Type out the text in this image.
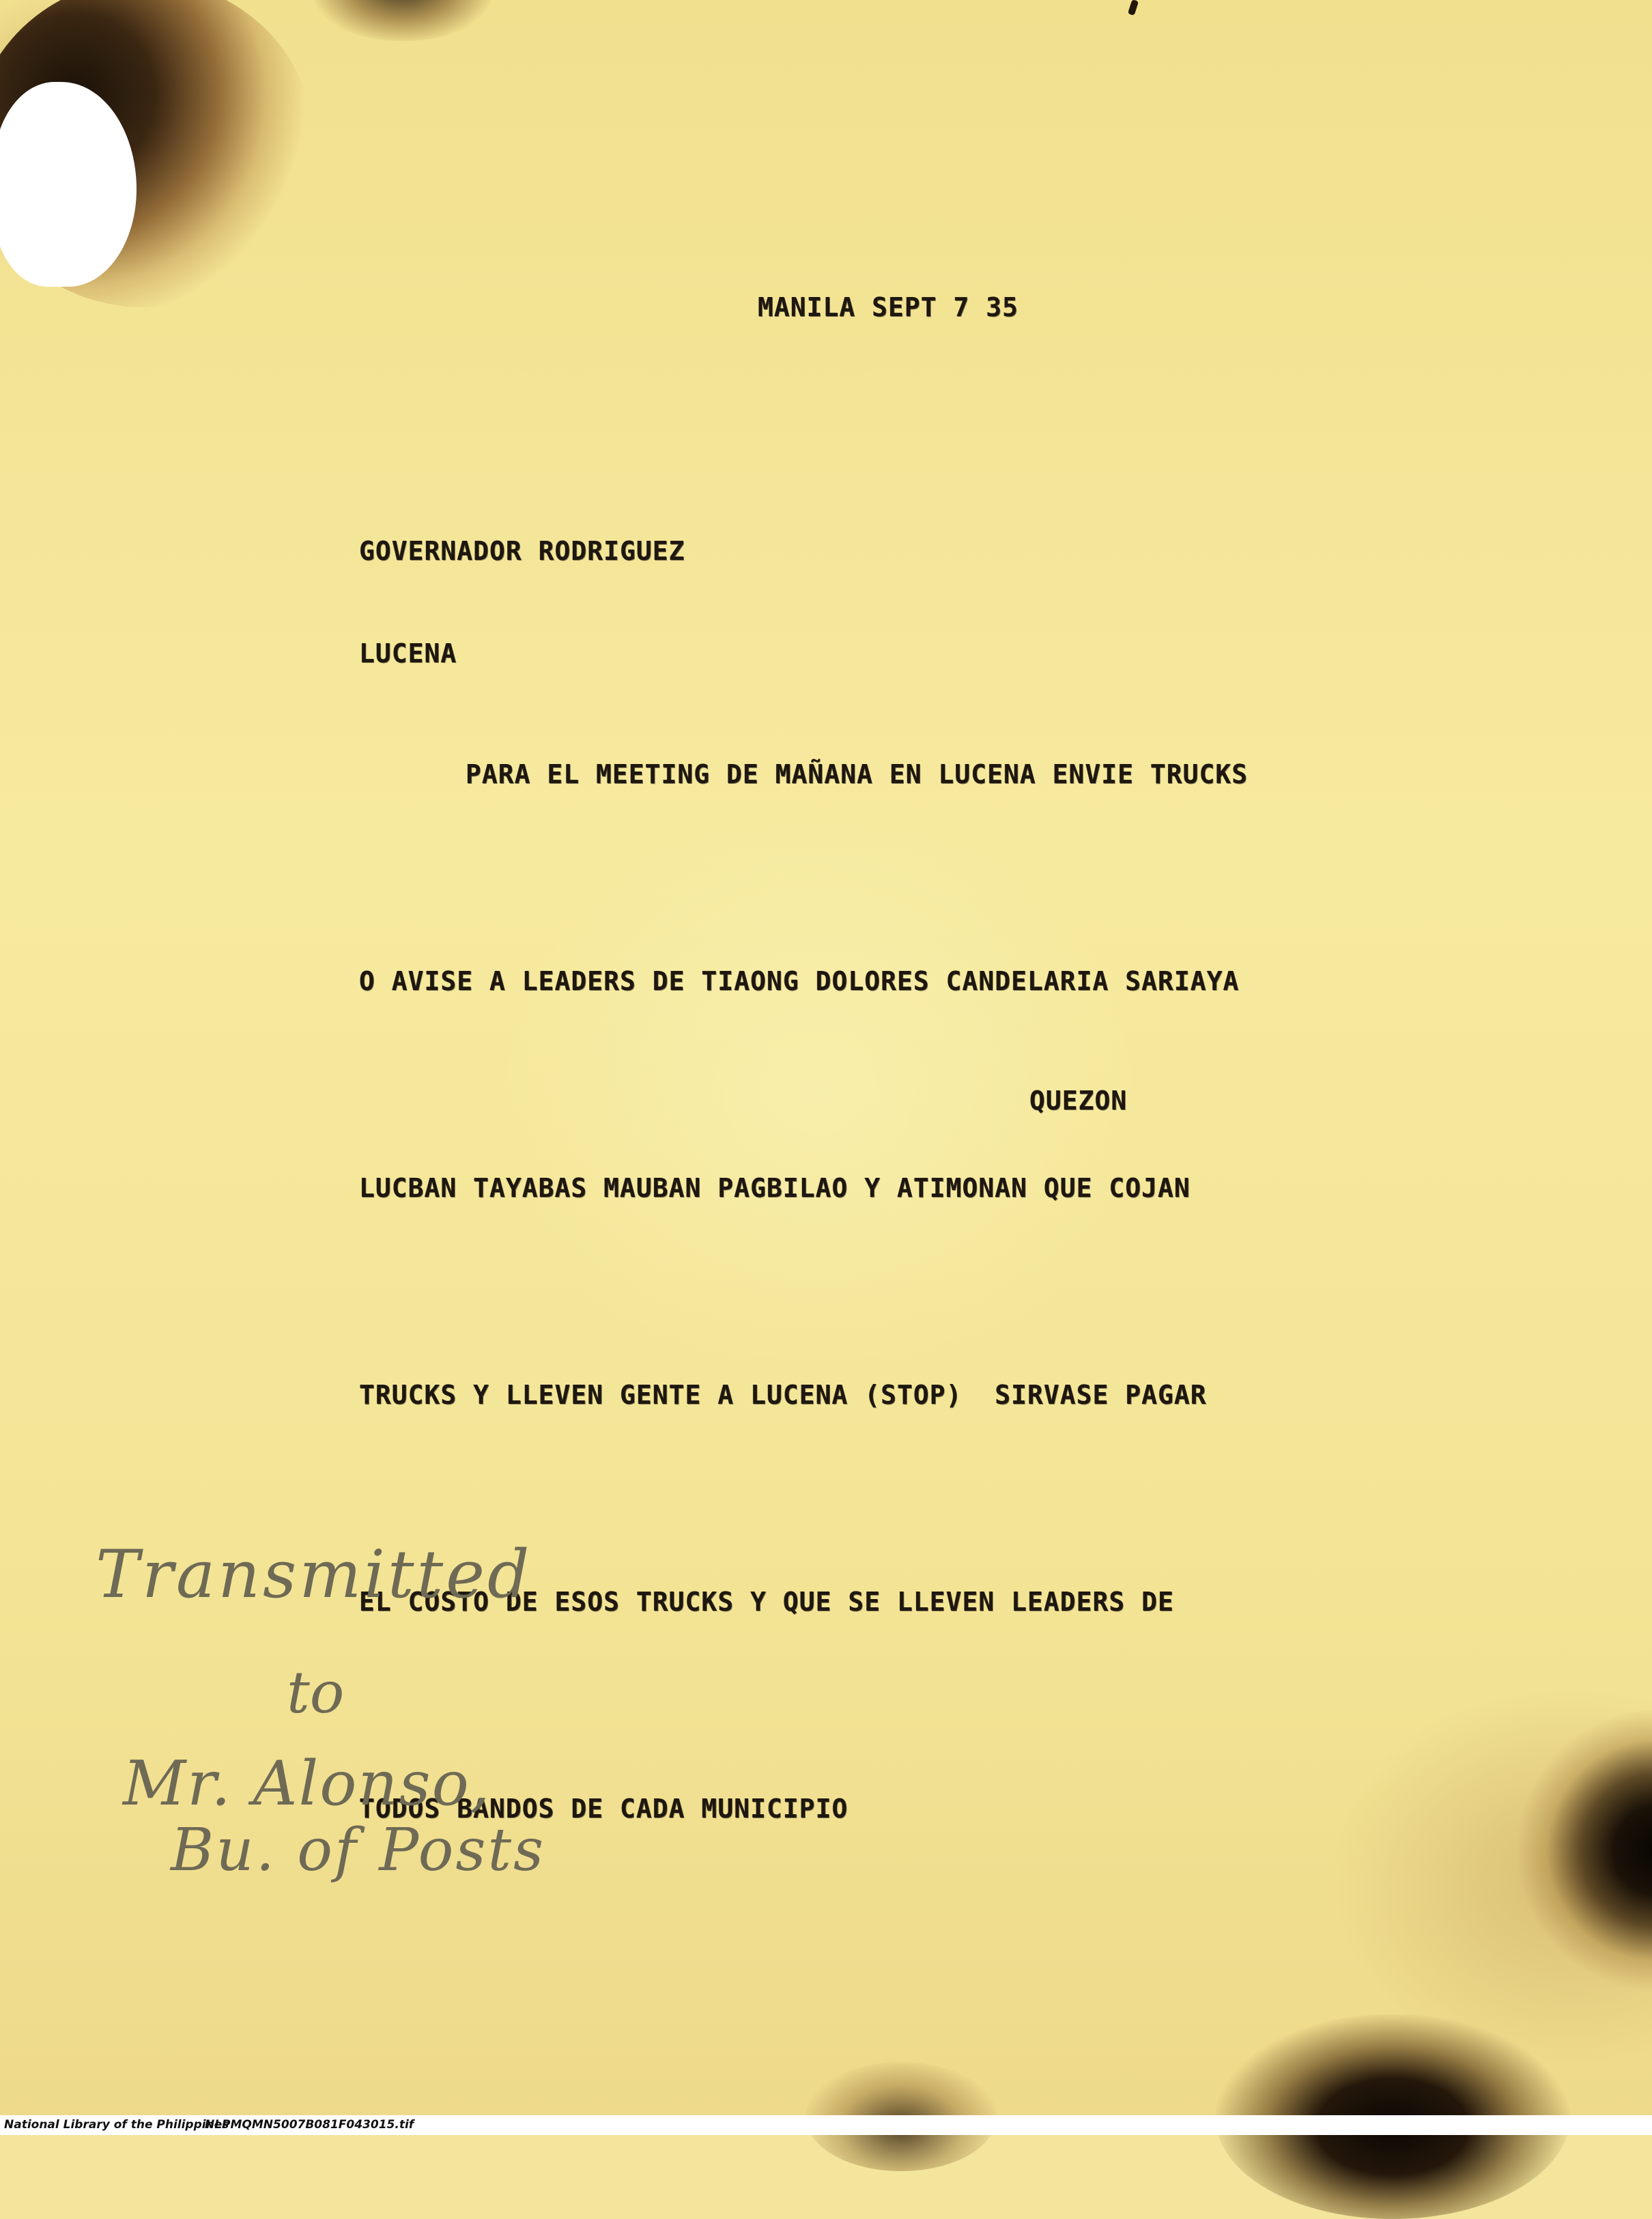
MANILA SEPT 7 35

GOVERNADOR RODRIGUEZ

LUCENA

PARA EL MEETING DE MAÑANA EN LUCENA ENVIE TRUCKS

O AVISE A LEADERS DE TIAONG DOLORES CANDELARIA SARIAYA

LUCBAN TAYABAS MAUBAN PAGBILAO Y ATIMONAN QUE COJAN

TRUCKS Y LLEVEN GENTE A LUCENA (STOP)  SIRVASE PAGAR

EL COSTO DE ESOS TRUCKS Y QUE SE LLEVEN LEADERS DE

TODOS BANDOS DE CADA MUNICIPIO

QUEZON
Transmitted
to
Mr. Alonso,
Bu. of Posts
National Library of the Philippines
NLPMQMN5007B081F043015.tif
